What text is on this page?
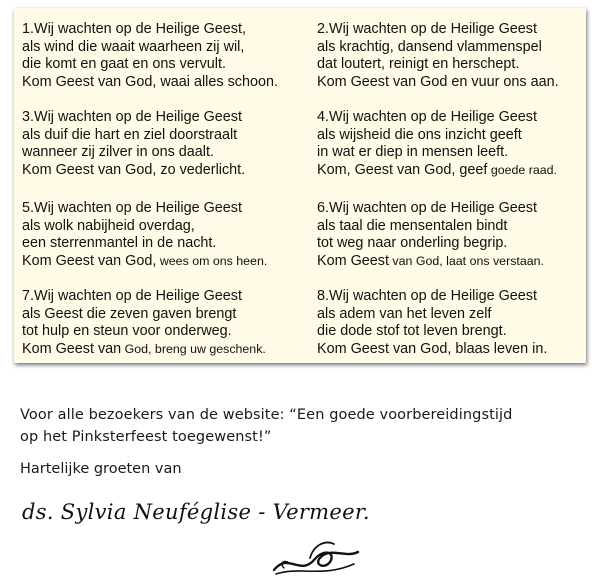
1.Wij wachten op de Heilige Geest,
als wind die waait waarheen zij wil,
die komt en gaat en ons vervult.
Kom Geest van God, waai alles schoon.
2.Wij wachten op de Heilige Geest
als krachtig, dansend vlammenspel
dat loutert, reinigt en herschept.
Kom Geest van God en vuur ons aan.
3.Wij wachten op de Heilige Geest
als duif die hart en ziel doorstraalt
wanneer zij zilver in ons daalt.
Kom Geest van God, zo vederlicht.
4.Wij wachten op de Heilige Geest
als wijsheid die ons inzicht geeft
in wat er diep in mensen leeft.
Kom, Geest van God, geef goede raad.
5.Wij wachten op de Heilige Geest
als wolk nabijheid overdag,
een sterrenmantel in de nacht.
Kom Geest van God, wees om ons heen.
6.Wij wachten op de Heilige Geest
als taal die mensentalen bindt
tot weg naar onderling begrip.
Kom Geest van God, laat ons verstaan.
7.Wij wachten op de Heilige Geest
als Geest die zeven gaven brengt
tot hulp en steun voor onderweg.
Kom Geest van God, breng uw geschenk.
8.Wij wachten op de Heilige Geest
als adem van het leven zelf
die dode stof tot leven brengt.
Kom Geest van God, blaas leven in.
Voor alle bezoekers van de website: “Een goede voorbereidingstijd
op het Pinksterfeest toegewenst!”
Hartelijke groeten van
ds. Sylvia Neuféglise - Vermeer.
